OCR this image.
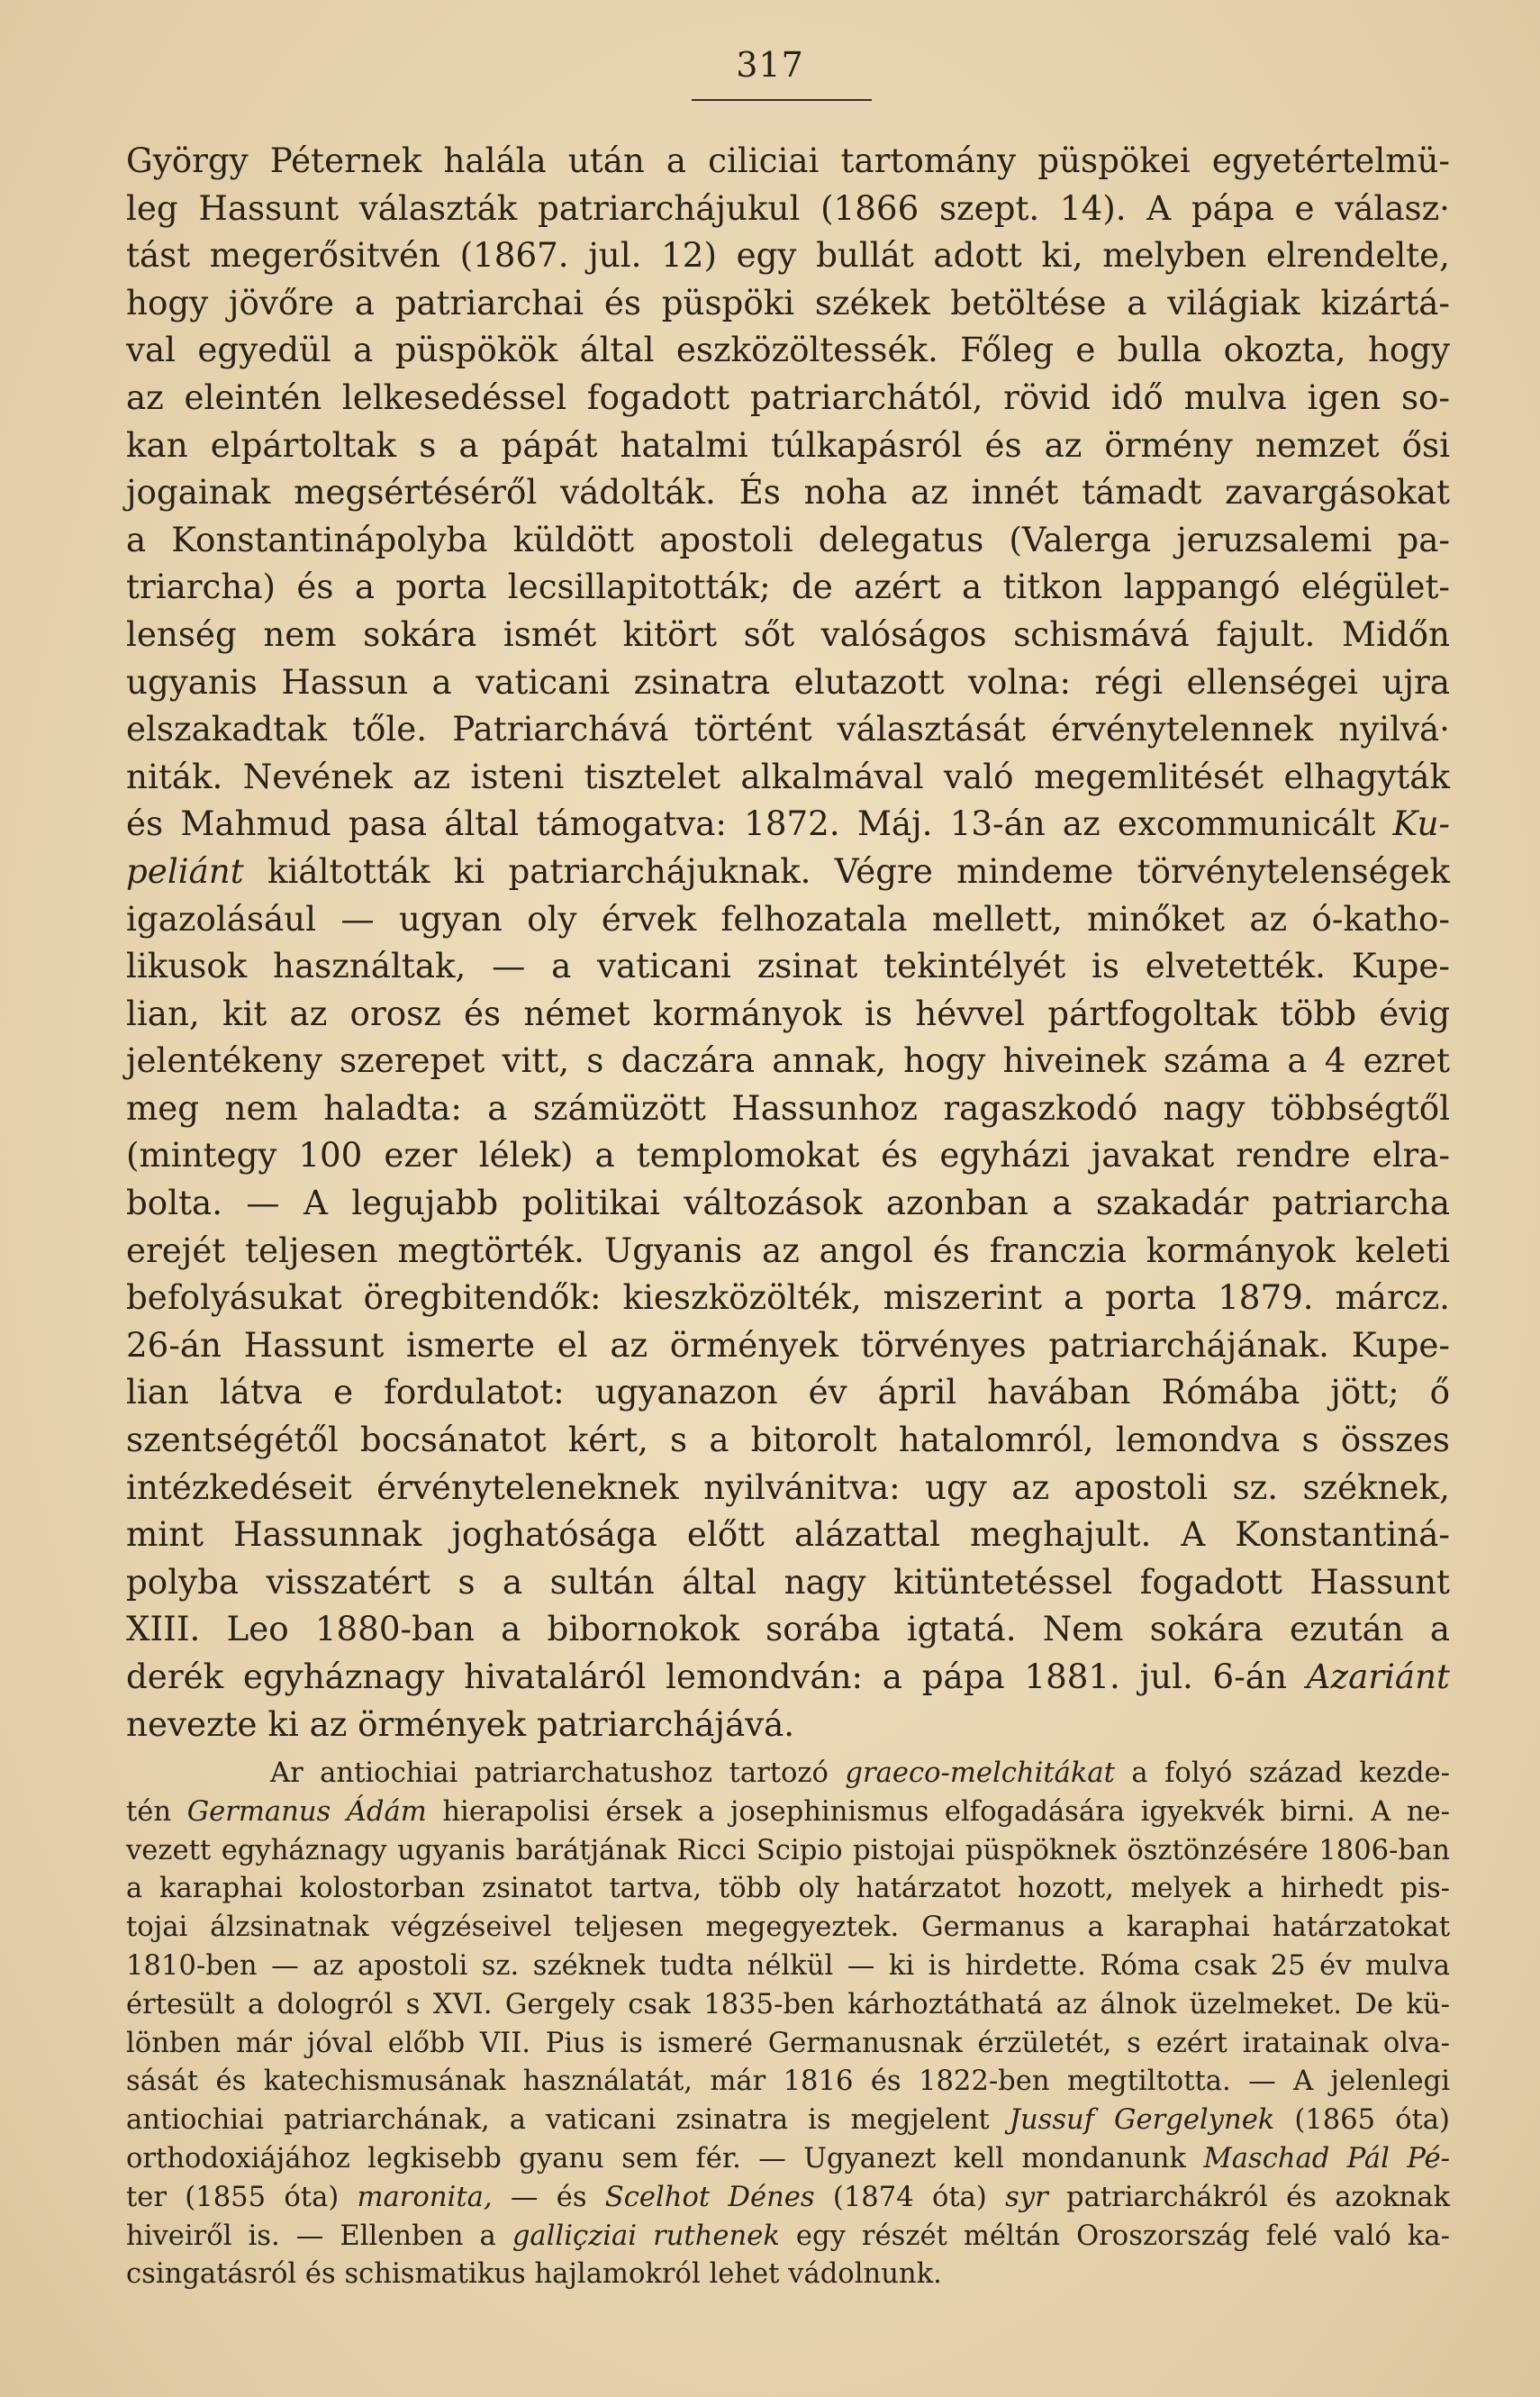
317

György Péternek halála után a ciliciai tartomány püspökei egyetértelmü-
leg Hassunt választák patriarchájukul (1866 szept. 14). A pápa e válasz·
tást megerősitvén (1867. jul. 12) egy bullát adott ki, melyben elrendelte,
hogy jövőre a patriarchai és püspöki székek betöltése a világiak kizártá-
val egyedül a püspökök által eszközöltessék. Főleg e bulla okozta, hogy
az eleintén lelkesedéssel fogadott patriarchától, rövid idő mulva igen so-
kan elpártoltak s a pápát hatalmi túlkapásról és az örmény nemzet ősi
jogainak megsértéséről vádolták. És noha az innét támadt zavargásokat
a Konstantinápolyba küldött apostoli delegatus (Valerga jeruzsalemi pa-
triarcha) és a porta lecsillapitották; de azért a titkon lappangó elégület-
lenség nem sokára ismét kitört sőt valóságos schismává fajult. Midőn
ugyanis Hassun a vaticani zsinatra elutazott volna: régi ellenségei ujra
elszakadtak tőle. Patriarchává történt választását érvénytelennek nyilvá·
niták. Nevének az isteni tisztelet alkalmával való megemlitését elhagyták
és Mahmud pasa által támogatva: 1872. Máj. 13-án az excommunicált Ku-
peliánt kiáltották ki patriarchájuknak. Végre mindeme törvénytelenségek
igazolásául — ugyan oly érvek felhozatala mellett, minőket az ó-katho-
likusok használtak, — a vaticani zsinat tekintélyét is elvetették. Kupe-
lian, kit az orosz és német kormányok is hévvel pártfogoltak több évig
jelentékeny szerepet vitt, s daczára annak, hogy hiveinek száma a 4 ezret
meg nem haladta: a számüzött Hassunhoz ragaszkodó nagy többségtől
(mintegy 100 ezer lélek) a templomokat és egyházi javakat rendre elra-
bolta. — A legujabb politikai változások azonban a szakadár patriarcha
erejét teljesen megtörték. Ugyanis az angol és franczia kormányok keleti
befolyásukat öregbitendők: kieszközölték, miszerint a porta 1879. márcz.
26-án Hassunt ismerte el az örmények törvényes patriarchájának. Kupe-
lian látva e fordulatot: ugyanazon év ápril havában Rómába jött; ő
szentségétől bocsánatot kért, s a bitorolt hatalomról, lemondva s összes
intézkedéseit érvényteleneknek nyilvánitva: ugy az apostoli sz. széknek,
mint Hassunnak joghatósága előtt alázattal meghajult. A Konstantiná-
polyba visszatért s a sultán által nagy kitüntetéssel fogadott Hassunt
XIII. Leo 1880-ban a bibornokok sorába igtatá. Nem sokára ezután a
derék egyháznagy hivataláról lemondván: a pápa 1881. jul. 6-án Azariánt
nevezte ki az örmények patriarchájává.

Ar antiochiai patriarchatushoz tartozó graeco-melchitákat a folyó század kezde-
tén Germanus Ádám hierapolisi érsek a josephinismus elfogadására igyekvék birni. A ne-
vezett egyháznagy ugyanis barátjának Ricci Scipio pistojai püspöknek ösztönzésére 1806-ban
a karaphai kolostorban zsinatot tartva, több oly határzatot hozott, melyek a hirhedt pis-
tojai álzsinatnak végzéseivel teljesen megegyeztek. Germanus a karaphai határzatokat
1810-ben — az apostoli sz. széknek tudta nélkül — ki is hirdette. Róma csak 25 év mulva
értesült a dologról s XVI. Gergely csak 1835-ben kárhoztáthatá az álnok üzelmeket. De kü-
lönben már jóval előbb VII. Pius is ismeré Germanusnak érzületét, s ezért iratainak olva-
sását és katechismusának használatát, már 1816 és 1822-ben megtiltotta. — A jelenlegi
antiochiai patriarchának, a vaticani zsinatra is megjelent Jussuf Gergelynek (1865 óta)
orthodoxiájához legkisebb gyanu sem fér. — Ugyanezt kell mondanunk Maschad Pál Pé-
ter (1855 óta) maronita, — és Scelhot Dénes (1874 óta) syr patriarchákról és azoknak
hiveiről is. — Ellenben a galliçziai ruthenek egy részét méltán Oroszország felé való ka-
csingatásról és schismatikus hajlamokról lehet vádolnunk.
